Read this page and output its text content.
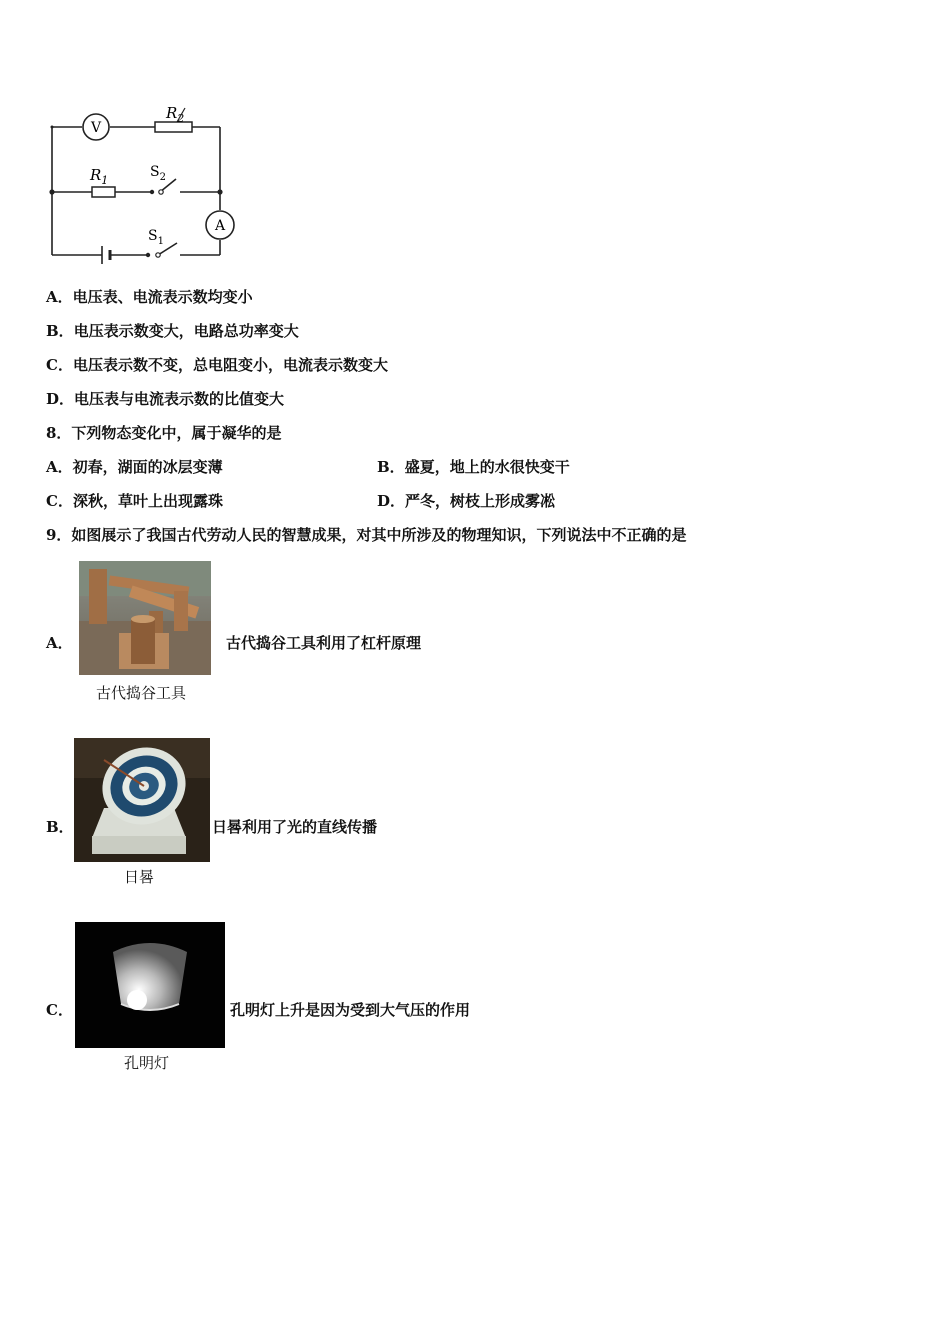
V
$R_2$
$R_1$
$S_2$
A
$S_1$
A．电压表、电流表示数均变小
B．电压表示数变大，电路总功率变大
C．电压表示数不变，总电阻变小，电流表示数变大
D．电压表与电流表示数的比值变大
8．下列物态变化中，属于凝华的是
A．初春，湖面的冰层变薄	B．盛夏，地上的水很快变干
C．深秋，草叶上出现露珠	D．严冬，树枝上形成雾凇
9．如图展示了我国古代劳动人民的智慧成果，对其中所涉及的物理知识，下列说法中不正确的是
A．
古代捣谷工具
古代捣谷工具利用了杠杆原理
B．
日晷
日晷利用了光的直线传播
C．
孔明灯
孔明灯上升是因为受到大气压的作用
